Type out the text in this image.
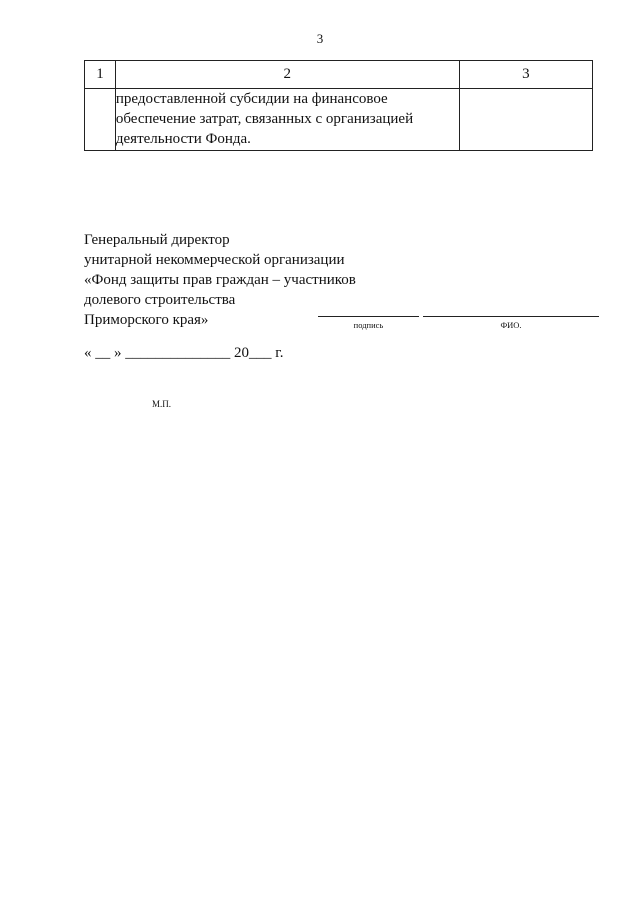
3
1	2	3

	предоставленной субсидии на финансовое
обеспечение затрат, связанных с организацией
деятельности Фонда.	

Генеральный директор
унитарной некоммерческой организации
«Фонд защиты прав граждан – участников
долевого строительства
Приморского края»	подпись	ФИО.
« __ » ______________ 20___ г.
М.П.
